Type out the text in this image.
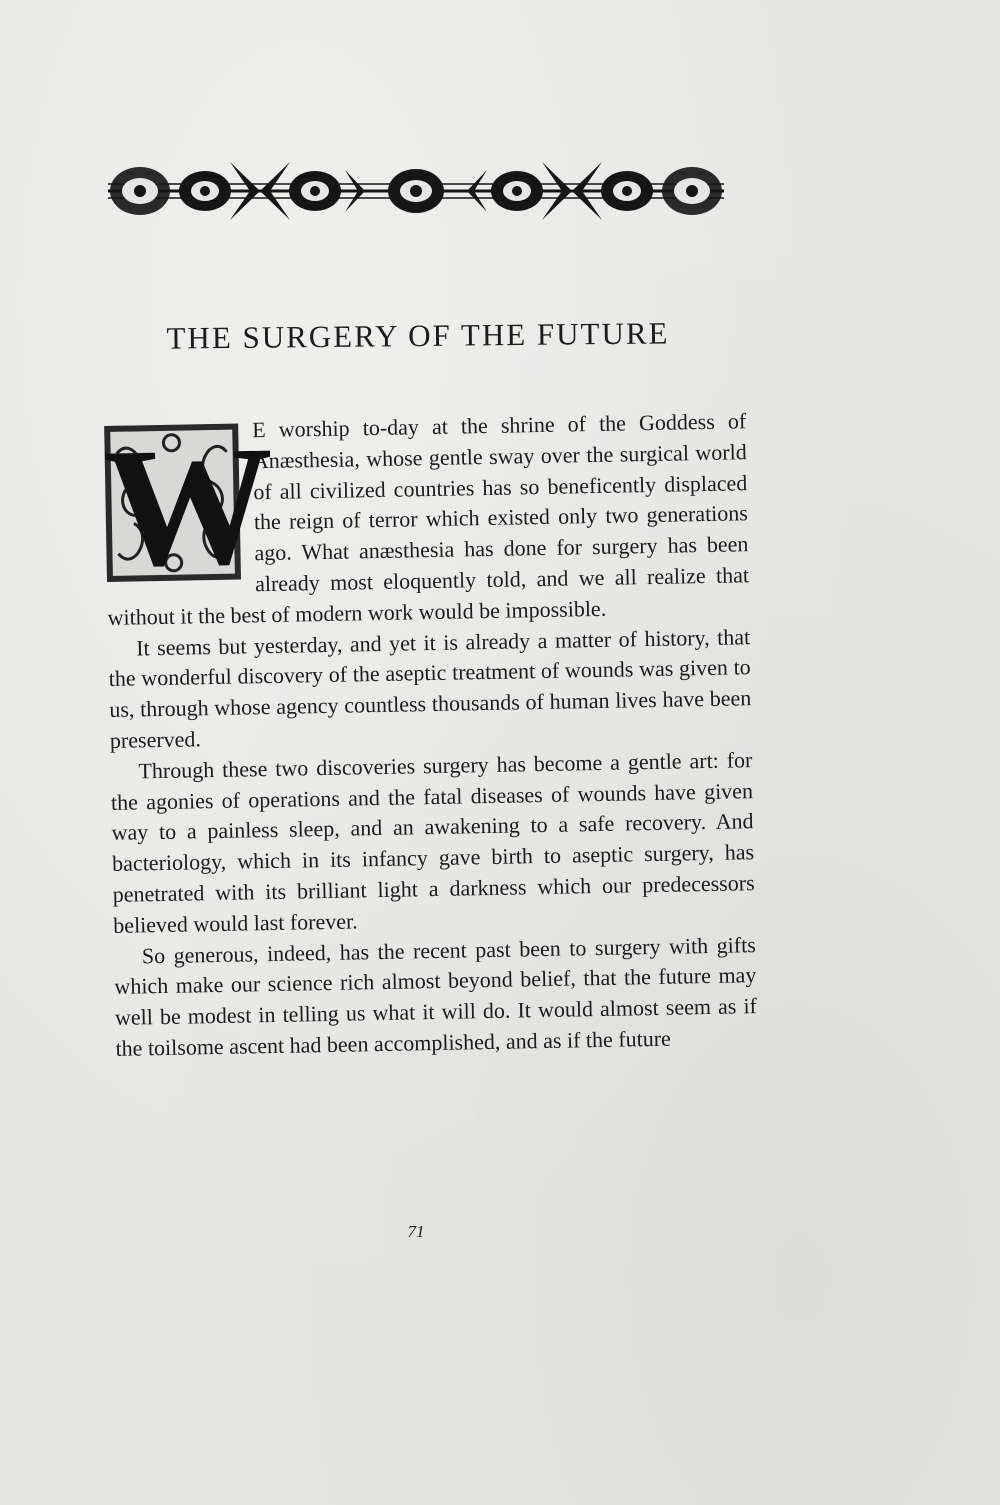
THE SURGERY OF THE FUTURE

W
E worship to-day at the shrine of the Goddess of Anæsthesia, whose gentle sway over the surgical world of all civilized countries has so beneficently displaced the reign of terror which existed only two generations ago. What anæsthesia has done for surgery has been already most eloquently told, and we all realize that without it the best of modern work would be impossible.

It seems but yesterday, and yet it is already a matter of history, that the wonderful discovery of the aseptic treatment of wounds was given to us, through whose agency countless thousands of human lives have been preserved.

Through these two discoveries surgery has become a gentle art: for the agonies of operations and the fatal diseases of wounds have given way to a painless sleep, and an awakening to a safe recovery. And bacteriology, which in its infancy gave birth to aseptic surgery, has penetrated with its brilliant light a darkness which our predecessors believed would last forever.

So generous, indeed, has the recent past been to surgery with gifts which make our science rich almost beyond belief, that the future may well be modest in telling us what it will do. It would almost seem as if the toilsome ascent had been accomplished, and as if the future

71
